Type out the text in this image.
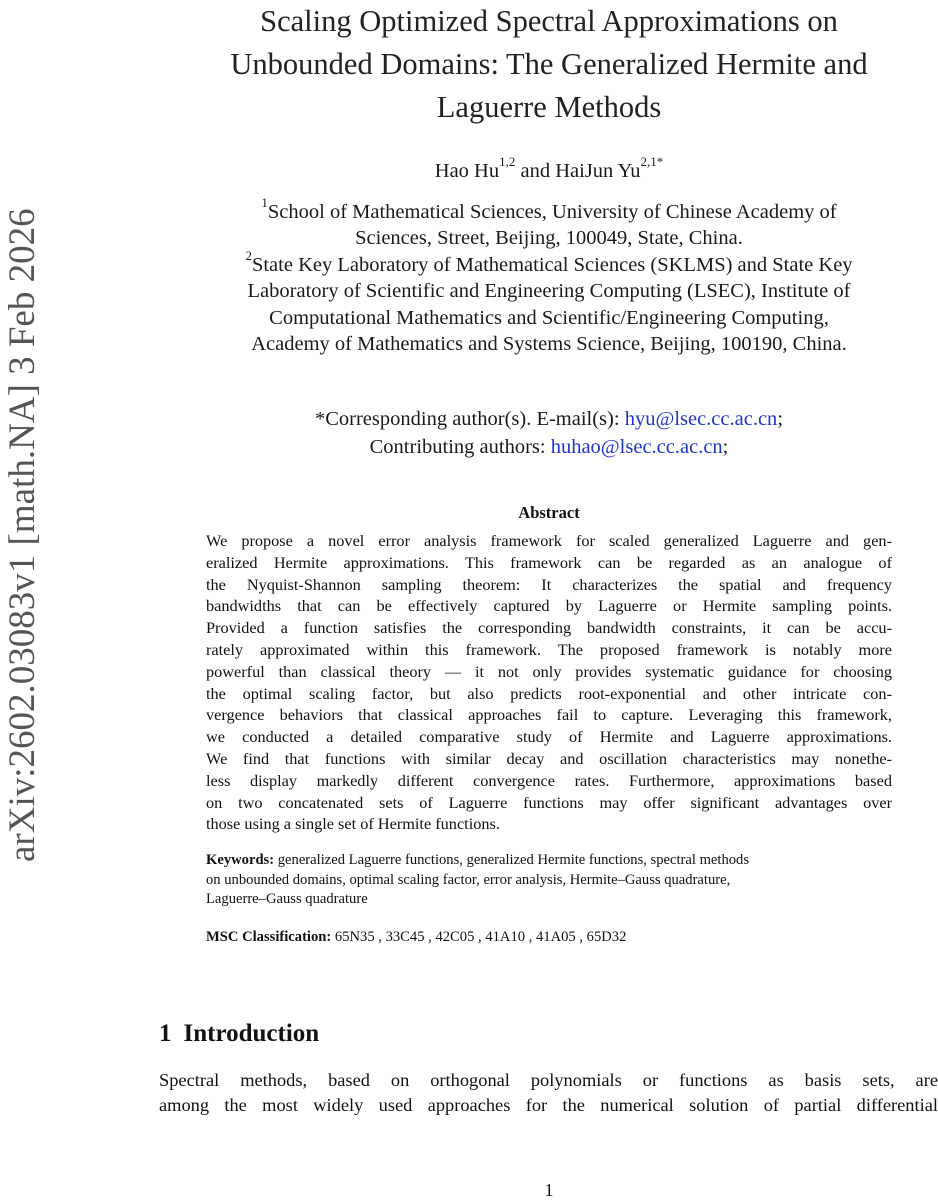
arXiv:2602.03083v1 [math.NA] 3 Feb 2026
Scaling Optimized Spectral Approximations on
Unbounded Domains: The Generalized Hermite and
Laguerre Methods
Hao Hu$^{1,2}$ and HaiJun $Yu^{2,1*}$
$^1$School of Mathematical Sciences, University of Chinese Academy of
Sciences, Street, Beijing, 100049, State, China.
$^2$State Key Laboratory of Mathematical Sciences (SKLMS) and State Key
Laboratory of Scientific and Engineering Computing (LSEC), Institute of
Computational Mathematics and Scientific/Engineering Computing,
Academy of Mathematics and Systems Science, Beijing, 100190, China.
*Corresponding author(s). E-mail(s): hyu@lsec.cc.ac.cn;
Contributing authors: huhao@lsec.cc.ac.cn;
Abstract
We propose a novel error analysis framework for scaled generalized Laguerre and gen-
eralized Hermite approximations. This framework can be regarded as an analogue of
the Nyquist-Shannon sampling theorem: It characterizes the spatial and frequency
bandwidths that can be effectively captured by Laguerre or Hermite sampling points.
Provided a function satisfies the corresponding bandwidth constraints, it can be accu-
rately approximated within this framework. The proposed framework is notably more
powerful than classical theory — it not only provides systematic guidance for choosing
the optimal scaling factor, but also predicts root-exponential and other intricate con-
vergence behaviors that classical approaches fail to capture. Leveraging this framework,
we conducted a detailed comparative study of Hermite and Laguerre approximations.
We find that functions with similar decay and oscillation characteristics may nonethe-
less display markedly different convergence rates. Furthermore, approximations based
on two concatenated sets of Laguerre functions may offer significant advantages over
those using a single set of Hermite functions.
Keywords: generalized Laguerre functions, generalized Hermite functions, spectral methods
on unbounded domains, optimal scaling factor, error analysis, Hermite–Gauss quadrature,
Laguerre–Gauss quadrature
MSC Classification: 65N35 , 33C45 , 42C05 , 41A10 , 41A05 , 65D32
1 Introduction
Spectral methods, based on orthogonal polynomials or functions as basis sets, are
among the most widely used approaches for the numerical solution of partial differential
1
